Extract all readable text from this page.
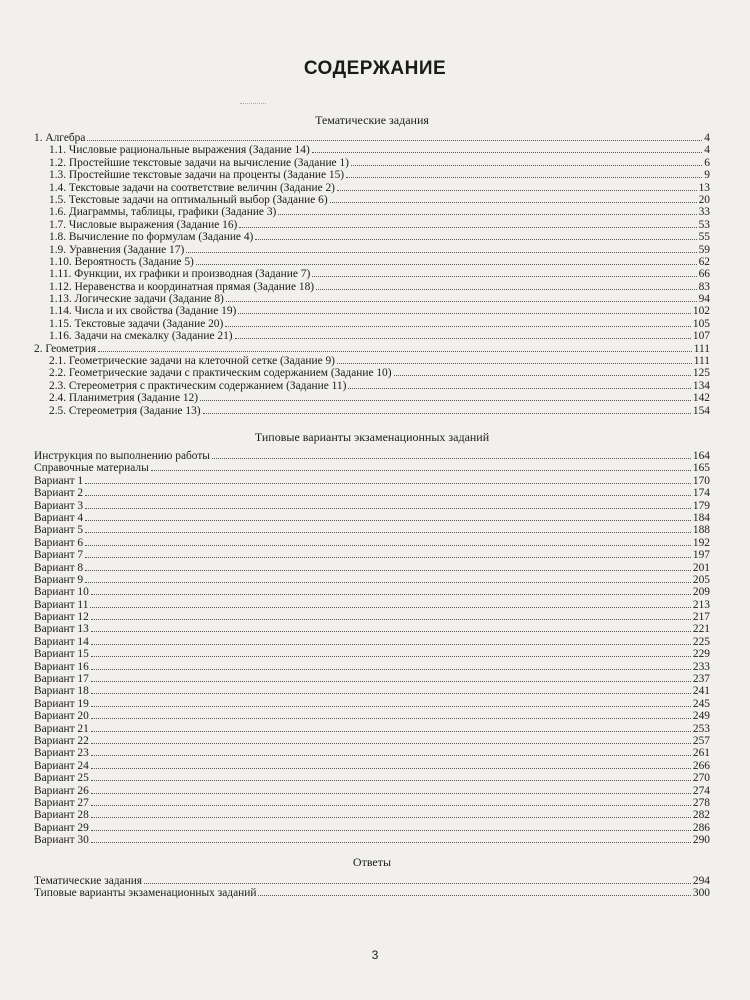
СОДЕРЖАНИЕ
Тематические задания
1. Алгебра	4
1.1. Числовые рациональные выражения (Задание 14)	4
1.2. Простейшие текстовые задачи на вычисление (Задание 1)	6
1.3. Простейшие текстовые задачи на проценты (Задание 15)	9
1.4. Текстовые задачи на соответствие величин (Задание 2)	13
1.5. Текстовые задачи на оптимальный выбор (Задание 6)	20
1.6. Диаграммы, таблицы, графики (Задание 3)	33
1.7. Числовые выражения (Задание 16)	53
1.8. Вычисление по формулам (Задание 4)	55
1.9. Уравнения (Задание 17)	59
1.10. Вероятность (Задание 5)	62
1.11. Функции, их графики и производная (Задание 7)	66
1.12. Неравенства и координатная прямая (Задание 18)	83
1.13. Логические задачи (Задание 8)	94
1.14. Числа и их свойства (Задание 19)	102
1.15. Текстовые задачи (Задание 20)	105
1.16. Задачи на смекалку (Задание 21)	107
2. Геометрия	111
2.1. Геометрические задачи на клеточной сетке (Задание 9)	111
2.2. Геометрические задачи с практическим содержанием (Задание 10)	125
2.3. Стереометрия с практическим содержанием (Задание 11)	134
2.4. Планиметрия (Задание 12)	142
2.5. Стереометрия (Задание 13)	154
Типовые варианты экзаменационных заданий
Инструкция по выполнению работы	164
Справочные материалы	165
Вариант 1	170
Вариант 2	174
Вариант 3	179
Вариант 4	184
Вариант 5	188
Вариант 6	192
Вариант 7	197
Вариант 8	201
Вариант 9	205
Вариант 10	209
Вариант 11	213
Вариант 12	217
Вариант 13	221
Вариант 14	225
Вариант 15	229
Вариант 16	233
Вариант 17	237
Вариант 18	241
Вариант 19	245
Вариант 20	249
Вариант 21	253
Вариант 22	257
Вариант 23	261
Вариант 24	266
Вариант 25	270
Вариант 26	274
Вариант 27	278
Вариант 28	282
Вариант 29	286
Вариант 30	290
Ответы
Тематические задания	294
Типовые варианты экзаменационных заданий	300
3
